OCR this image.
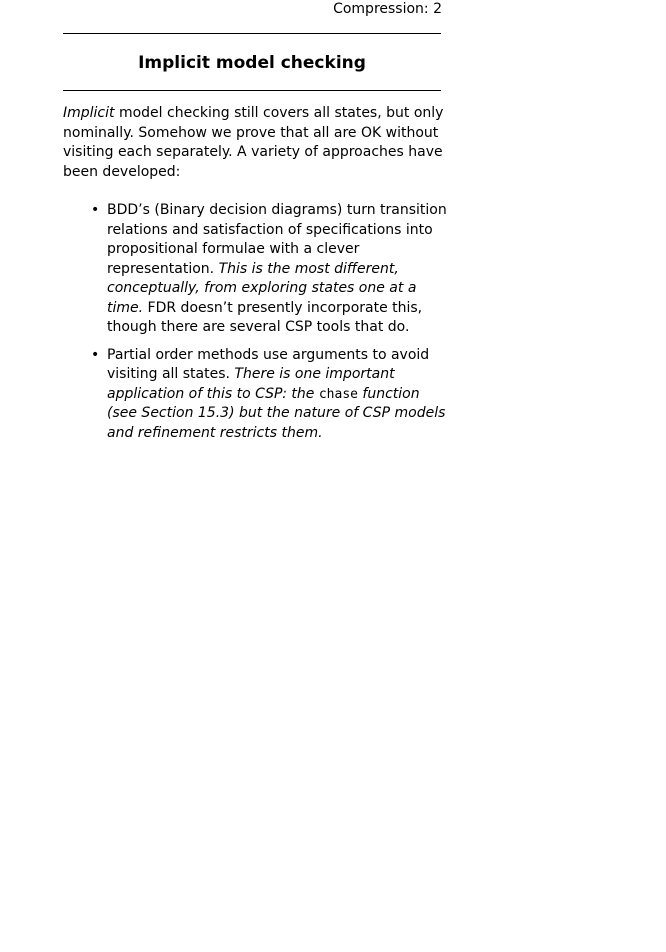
Compression: 2
Implicit model checking

Implicit model checking still covers all states, but only nominally. Somehow we prove that all are OK without visiting each separately. A variety of approaches have been developed:

• BDD’s (Binary decision diagrams) turn transition relations and satisfaction of specifications into propositional formulae with a clever representation. This is the most different, conceptually, from exploring states one at a time. FDR doesn’t presently incorporate this, though there are several CSP tools that do.
• Partial order methods use arguments to avoid visiting all states. There is one important application of this to CSP: the chase function (see Section 15.3) but the nature of CSP models and refinement restricts them.
